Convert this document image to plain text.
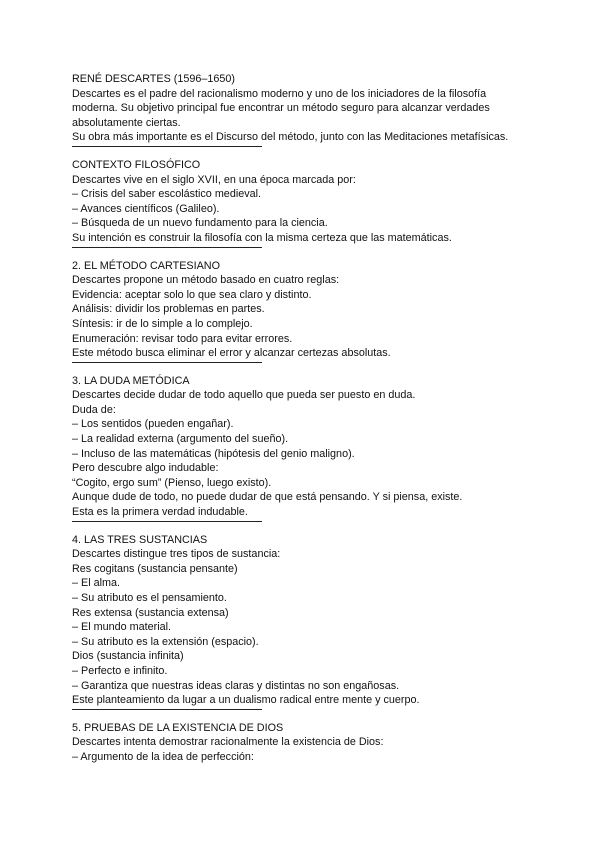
RENÉ DESCARTES (1596–1650)
Descartes es el padre del racionalismo moderno y uno de los iniciadores de la filosofía
moderna. Su objetivo principal fue encontrar un método seguro para alcanzar verdades
absolutamente ciertas.
Su obra más importante es el Discurso del método, junto con las Meditaciones metafísicas.
CONTEXTO FILOSÓFICO
Descartes vive en el siglo XVII, en una época marcada por:
– Crisis del saber escolástico medieval.
– Avances científicos (Galileo).
– Búsqueda de un nuevo fundamento para la ciencia.
Su intención es construir la filosofía con la misma certeza que las matemáticas.
2. EL MÉTODO CARTESIANO
Descartes propone un método basado en cuatro reglas:
Evidencia: aceptar solo lo que sea claro y distinto.
Análisis: dividir los problemas en partes.
Síntesis: ir de lo simple a lo complejo.
Enumeración: revisar todo para evitar errores.
Este método busca eliminar el error y alcanzar certezas absolutas.
3. LA DUDA METÓDICA
Descartes decide dudar de todo aquello que pueda ser puesto en duda.
Duda de:
– Los sentidos (pueden engañar).
– La realidad externa (argumento del sueño).
– Incluso de las matemáticas (hipótesis del genio maligno).
Pero descubre algo indudable:
“Cogito, ergo sum” (Pienso, luego existo).
Aunque dude de todo, no puede dudar de que está pensando. Y si piensa, existe.
Esta es la primera verdad indudable.
4. LAS TRES SUSTANCIAS
Descartes distingue tres tipos de sustancia:
Res cogitans (sustancia pensante)
– El alma.
– Su atributo es el pensamiento.
Res extensa (sustancia extensa)
– El mundo material.
– Su atributo es la extensión (espacio).
Dios (sustancia infinita)
– Perfecto e infinito.
– Garantiza que nuestras ideas claras y distintas no son engañosas.
Este planteamiento da lugar a un dualismo radical entre mente y cuerpo.
5. PRUEBAS DE LA EXISTENCIA DE DIOS
Descartes intenta demostrar racionalmente la existencia de Dios:
– Argumento de la idea de perfección:
